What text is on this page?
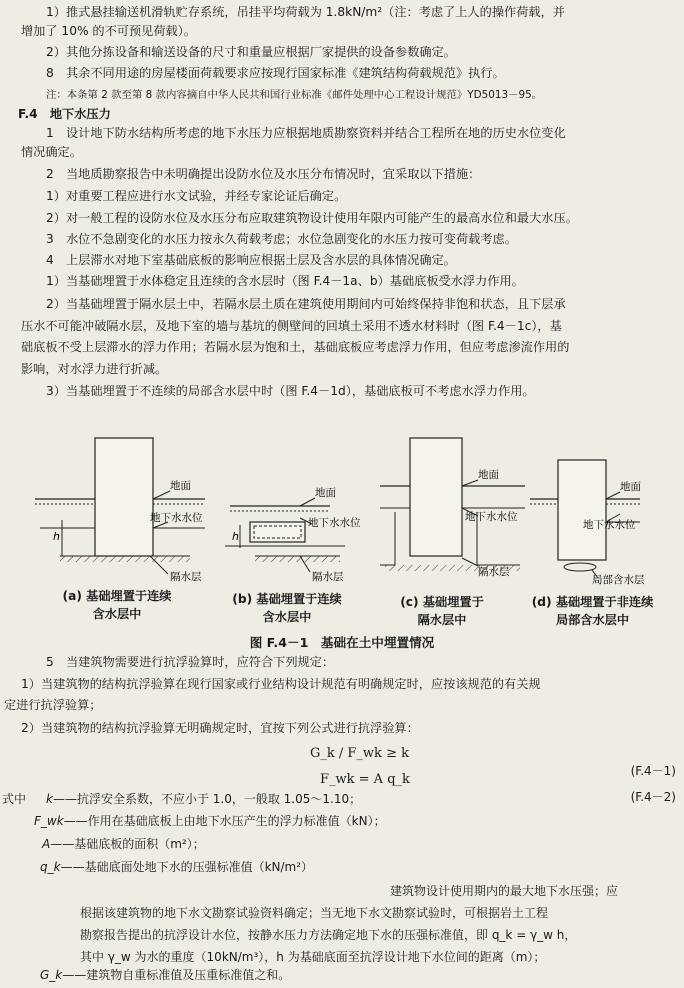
1）推式悬挂输送机滑轨贮存系统，吊挂平均荷载为 1.8kN/m²（注：考虑了上人的操作荷载，并
增加了 10% 的不可预见荷载）。
2）其他分拣设备和输送设备的尺寸和重量应根据厂家提供的设备参数确定。
8　其余不同用途的房屋楼面荷载要求应按现行国家标准《建筑结构荷载规范》执行。
注：本条第 2 款至第 8 款内容摘自中华人民共和国行业标准《邮件处理中心工程设计规范》YD5013－95。
F.4　地下水压力
1　设计地下防水结构所考虑的地下水压力应根据地质勘察资料并结合工程所在地的历史水位变化
情况确定。
2　当地质勘察报告中未明确提出设防水位及水压分布情况时，宜采取以下措施：
1）对重要工程应进行水文试验，并经专家论证后确定。
2）对一般工程的设防水位及水压分布应取建筑物设计使用年限内可能产生的最高水位和最大水压。
3　水位不急剧变化的水压力按永久荷载考虑；水位急剧变化的水压力按可变荷载考虑。
4　上层滞水对地下室基础底板的影响应根据土层及含水层的具体情况确定。
1）当基础埋置于水体稳定且连续的含水层时（图 F.4－1a、b）基础底板受水浮力作用。
2）当基础埋置于隔水层土中，若隔水层土质在建筑使用期间内可始终保持非饱和状态，且下层承
压水不可能冲破隔水层，及地下室的墙与基坑的侧壁间的回填土采用不透水材料时（图 F.4－1c），基
础底板不受上层滞水的浮力作用；若隔水层为饱和土，基础底板应考虑浮力作用，但应考虑渗流作用的
影响，对水浮力进行折减。
3）当基础埋置于不连续的局部含水层中时（图 F.4－1d），基础底板可不考虑水浮力作用。
h
地面
地下水水位
隔水层
h
地面
地下水水位
隔水层
地面
地下水水位
隔水层
地面
地下水水位
局部含水层
(a) 基础埋置于连续
含水层中
(b) 基础埋置于连续
含水层中
(c) 基础埋置于
隔水层中
(d) 基础埋置于非连续
局部含水层中
图 F.4－1　基础在土中埋置情况
5　当建筑物需要进行抗浮验算时，应符合下列规定：
1）当建筑物的结构抗浮验算在现行国家或行业结构设计规范有明确规定时，应按该规范的有关规
定进行抗浮验算；
2）当建筑物的结构抗浮验算无明确规定时，宜按下列公式进行抗浮验算：
G_k / F_wk ≥ k
(F.4－1)
F_wk = A q_k
(F.4－2)
式中 k——抗浮安全系数，不应小于 1.0，一般取 1.05～1.10；
F_wk——作用在基础底板上由地下水压产生的浮力标准值（kN）；
A——基础底板的面积（m²）；
q_k——基础底面处地下水的压强标准值（kN/m²）
建筑物设计使用期内的最大地下水压强；应
根据该建筑物的地下水文勘察试验资料确定；当无地下水文勘察试验时，可根据岩土工程
勘察报告提出的抗浮设计水位，按静水压力方法确定地下水的压强标准值，即 q_k = γ_w h，
其中 γ_w 为水的重度（10kN/m³），h 为基础底面至抗浮设计地下水位间的距离（m）；
G_k——建筑物自重标准值及压重标准值之和。
